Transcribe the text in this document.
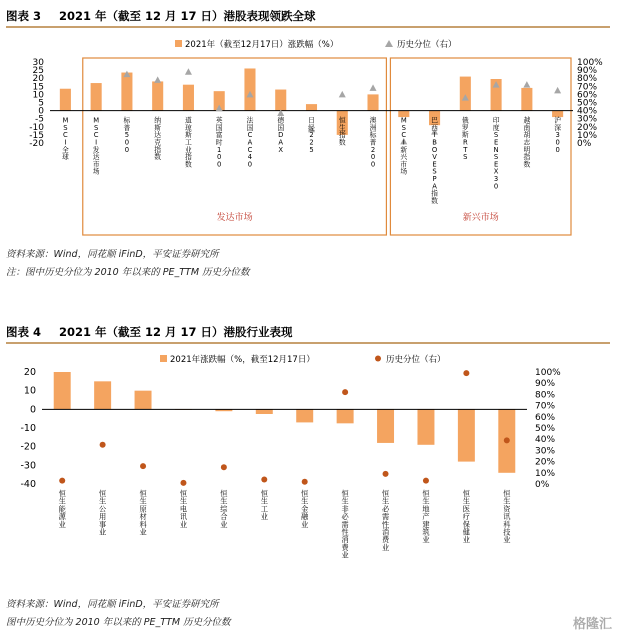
图表 3 2021 年（截至 12 月 17 日）港股表现领跌全球
2021年（截至12月17日）涨跌幅（%）	历史分位（右）
-20
-15
-10
-5
0
5
10
15
20
25
30
0%
10%
20%
30%
40%
50%
60%
70%
80%
90%
100%
发达市场	新兴市场
M S C I 全球
M S C I 发达市场
标普 5 0 0
纳斯达克指数
道琼斯工业指数
英国富时 1 0 0
法国 C A C 4 0
德国 D A X
日经 2 2 5
恒生指数
澳洲标普 2 0 0
M S C I 新兴市场
巴西 I B O V E S P A 指数
俄罗斯 R T S
印度 S E N S E X 3 0
越南胡志明指数
沪深 3 0 0
资料来源：Wind，同花顺 iFinD，平安证券研究所
注：图中历史分位为 2010 年以来的 PE_TTM 历史分位数
图表 4 2021 年（截至 12 月 17 日）港股行业表现
2021年涨跌幅（%，截至12月17日）	历史分位（右）
-40
-30
-20
-10
0
10
20
0%
10%
20%
30%
40%
50%
60%
70%
80%
90%
100%
恒生能源业
恒生公用事业
恒生原材料业
恒生电讯业
恒生综合业
恒生工业
恒生金融业
恒生非必需性消费业
恒生必需性消费业
恒生地产建筑业
恒生医疗保健业
恒生资讯科技业
资料来源：Wind，同花顺 iFinD，平安证券研究所
图中历史分位为 2010 年以来的 PE_TTM 历史分位数	格隆汇
